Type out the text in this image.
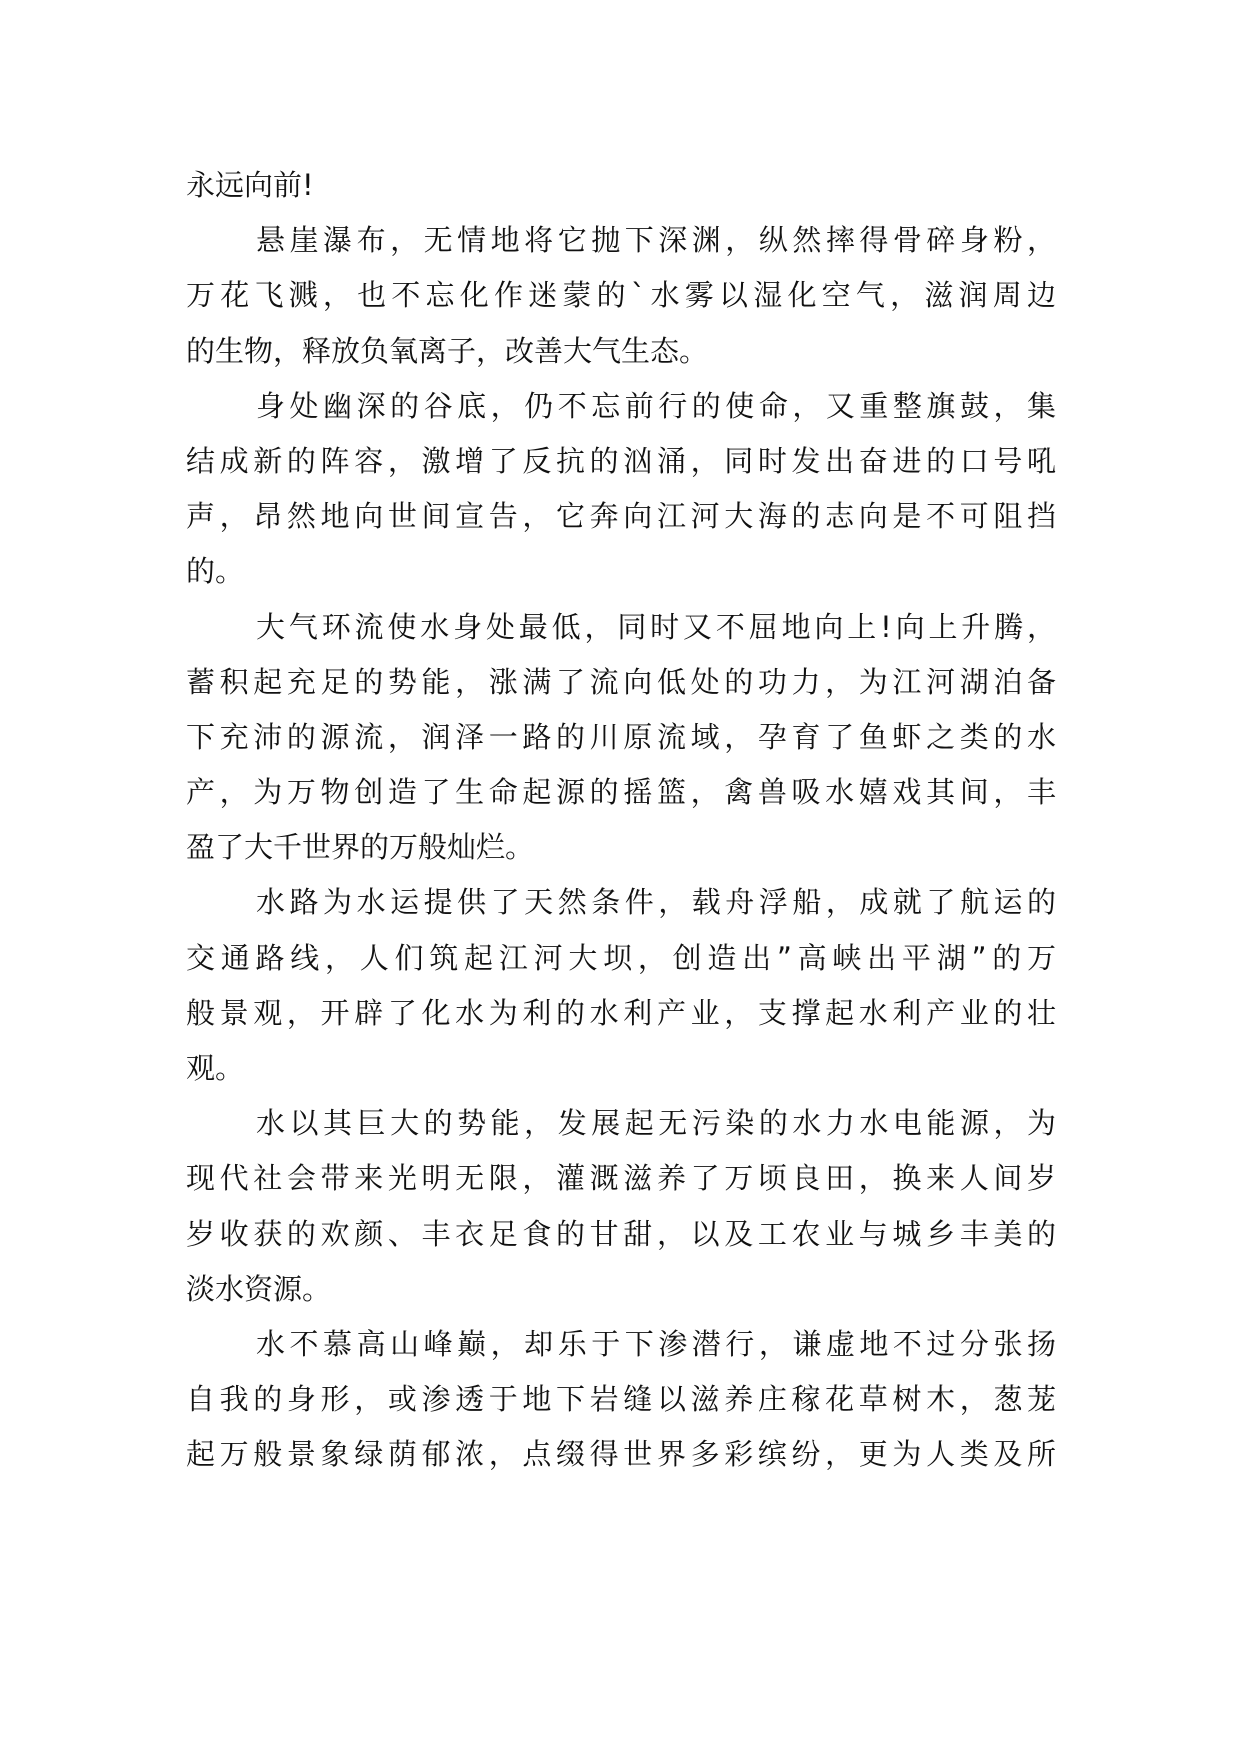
永远向前!
悬崖瀑布，无情地将它抛下深渊，纵然摔得骨碎身粉，
万花飞溅，也不忘化作迷蒙的`水雾以湿化空气，滋润周边
的生物，释放负氧离子，改善大气生态。
身处幽深的谷底，仍不忘前行的使命，又重整旗鼓，集
结成新的阵容，激增了反抗的汹涌，同时发出奋进的口号吼
声，昂然地向世间宣告，它奔向江河大海的志向是不可阻挡
的。
大气环流使水身处最低，同时又不屈地向上!向上升腾，
蓄积起充足的势能，涨满了流向低处的功力，为江河湖泊备
下充沛的源流，润泽一路的川原流域，孕育了鱼虾之类的水
产，为万物创造了生命起源的摇篮，禽兽吸水嬉戏其间，丰
盈了大千世界的万般灿烂。
水路为水运提供了天然条件，载舟浮船，成就了航运的
交通路线，人们筑起江河大坝，创造出”高峡出平湖”的万
般景观，开辟了化水为利的水利产业，支撑起水利产业的壮
观。
水以其巨大的势能，发展起无污染的水力水电能源，为
现代社会带来光明无限，灌溉滋养了万顷良田，换来人间岁
岁收获的欢颜、丰衣足食的甘甜，以及工农业与城乡丰美的
淡水资源。
水不慕高山峰巅，却乐于下渗潜行，谦虚地不过分张扬
自我的身形，或渗透于地下岩缝以滋养庄稼花草树木，葱茏
起万般景象绿荫郁浓，点缀得世界多彩缤纷，更为人类及所
